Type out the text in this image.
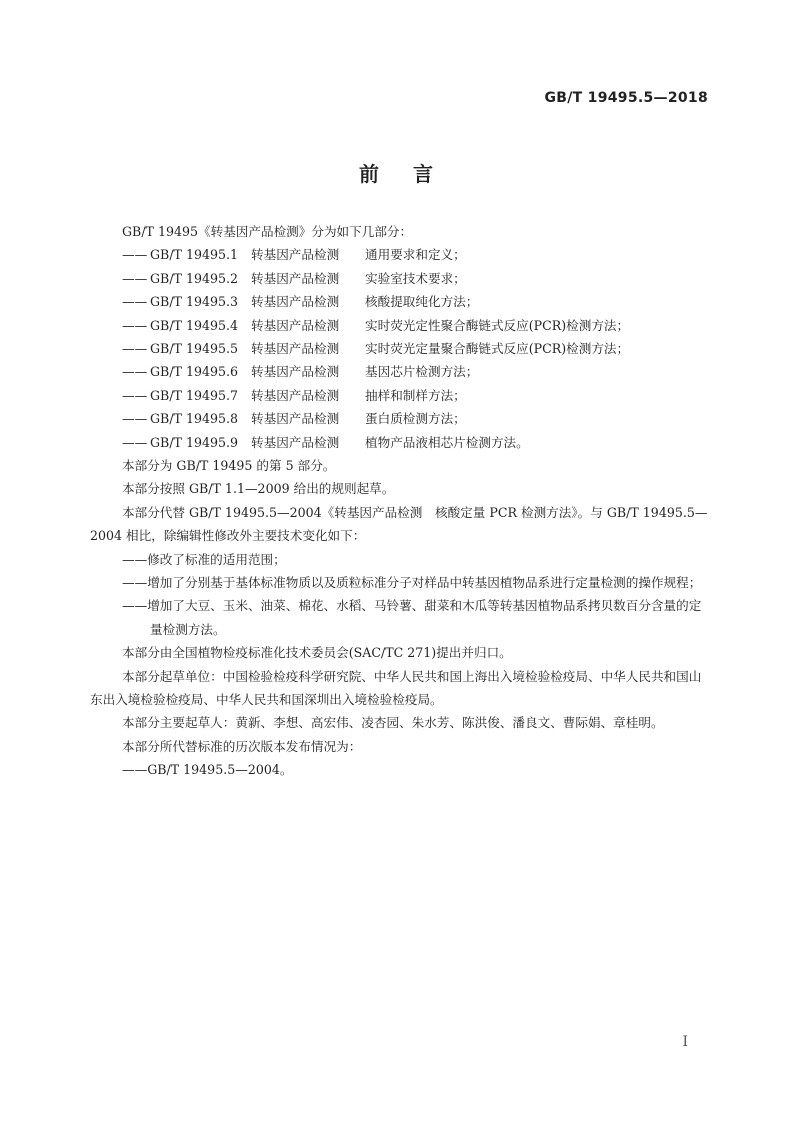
GB/T 19495.5—2018
前言
GB/T 19495《转基因产品检测》分为如下几部分：
—— GB/T 19495.1	转基因产品检测	通用要求和定义；
—— GB/T 19495.2	转基因产品检测	实验室技术要求；
—— GB/T 19495.3	转基因产品检测	核酸提取纯化方法；
—— GB/T 19495.4	转基因产品检测	实时荧光定性聚合酶链式反应(PCR)检测方法；
—— GB/T 19495.5	转基因产品检测	实时荧光定量聚合酶链式反应(PCR)检测方法；
—— GB/T 19495.6	转基因产品检测	基因芯片检测方法；
—— GB/T 19495.7	转基因产品检测	抽样和制样方法；
—— GB/T 19495.8	转基因产品检测	蛋白质检测方法；
—— GB/T 19495.9	转基因产品检测	植物产品液相芯片检测方法。
本部分为 GB/T 19495 的第 5 部分。
本部分按照 GB/T 1.1—2009 给出的规则起草。
本部分代替 GB/T 19495.5—2004《转基因产品检测　核酸定量 PCR 检测方法》。与 GB/T 19495.5—2004 相比，除编辑性修改外主要技术变化如下：
——修改了标准的适用范围；
——增加了分别基于基体标准物质以及质粒标准分子对样品中转基因植物品系进行定量检测的操作规程；
——增加了大豆、玉米、油菜、棉花、水稻、马铃薯、甜菜和木瓜等转基因植物品系拷贝数百分含量的定量检测方法。
本部分由全国植物检疫标准化技术委员会(SAC/TC 271)提出并归口。
本部分起草单位：中国检验检疫科学研究院、中华人民共和国上海出入境检验检疫局、中华人民共和国山东出入境检验检疫局、中华人民共和国深圳出入境检验检疫局。
本部分主要起草人：黄新、李想、高宏伟、凌杏园、朱水芳、陈洪俊、潘良文、曹际娟、章桂明。
本部分所代替标准的历次版本发布情况为：
——GB/T 19495.5—2004。
I
